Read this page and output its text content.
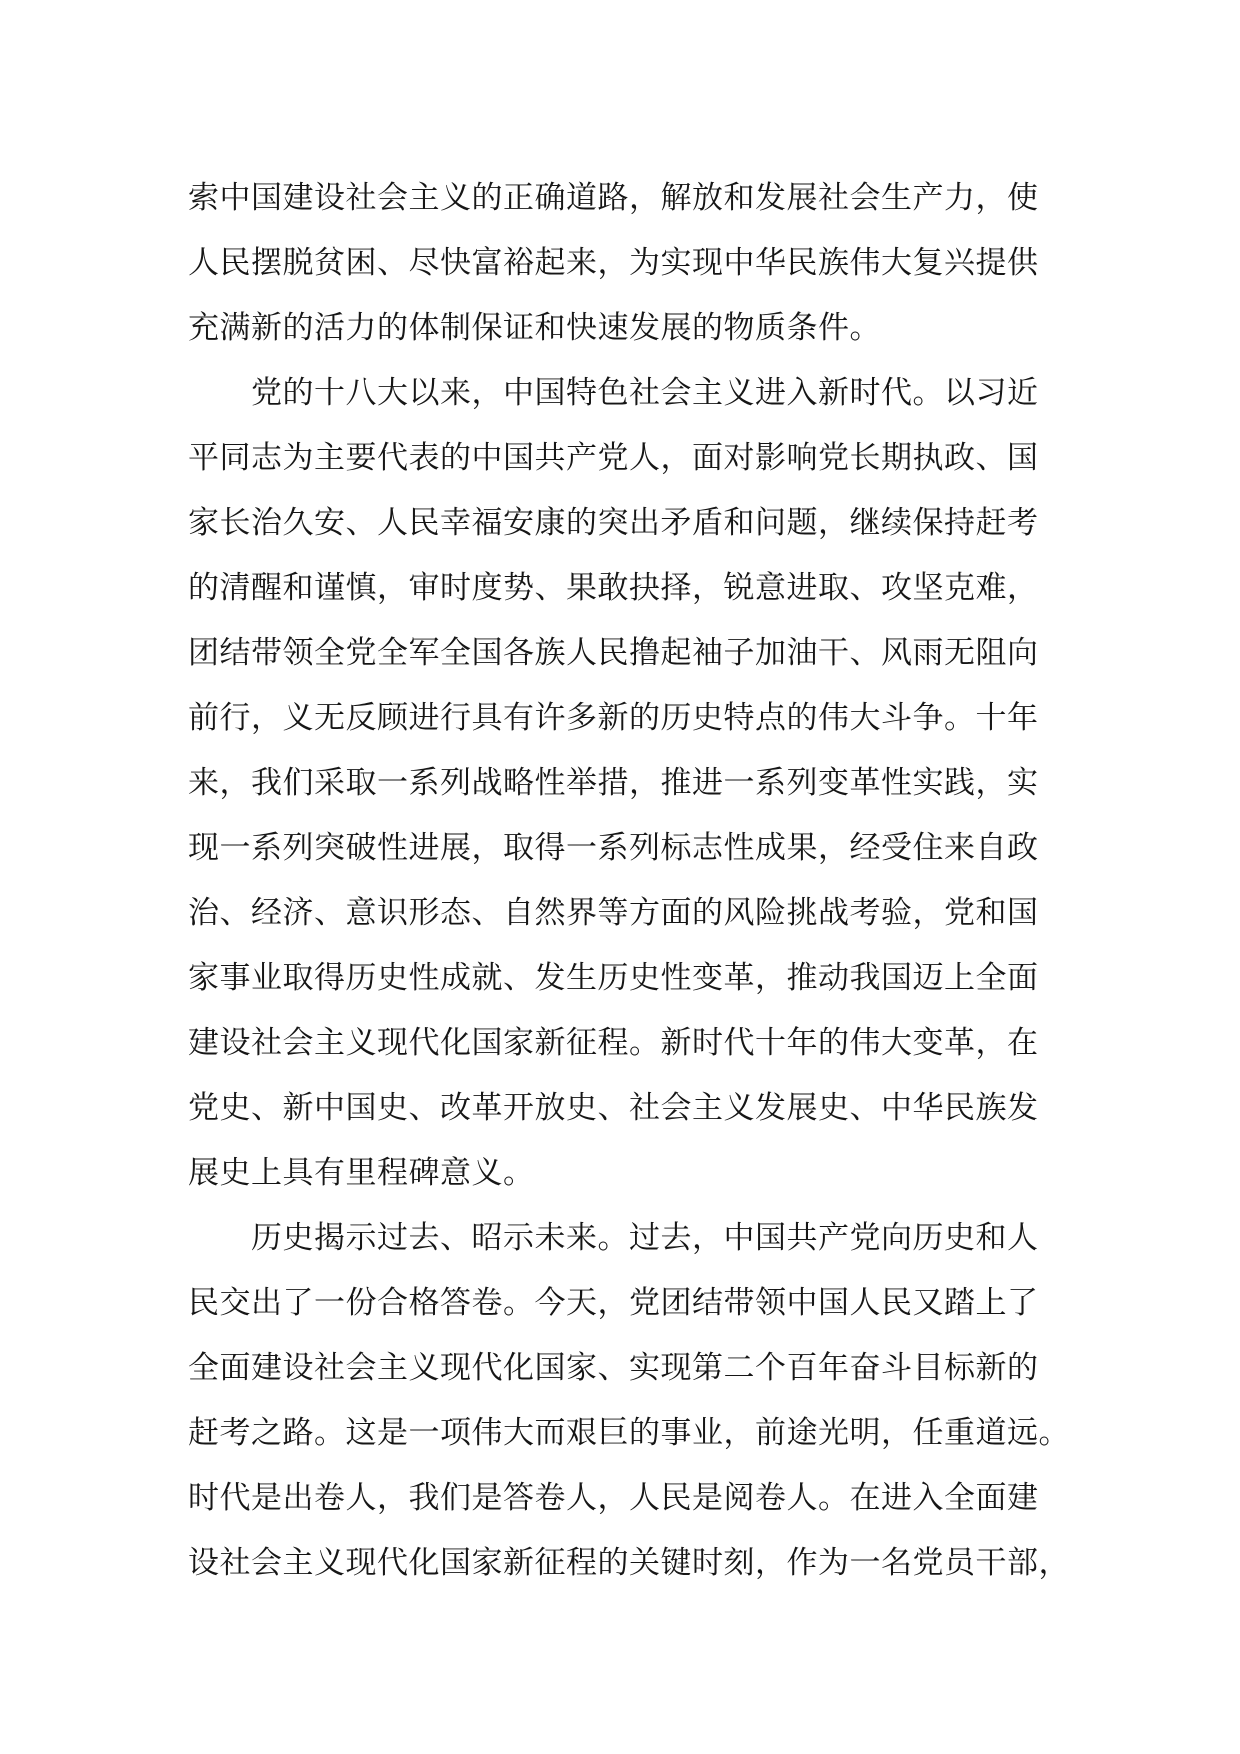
索中国建设社会主义的正确道路，解放和发展社会生产力，使
人民摆脱贫困、尽快富裕起来，为实现中华民族伟大复兴提供
充满新的活力的体制保证和快速发展的物质条件。
　　党的十八大以来，中国特色社会主义进入新时代。以习近
平同志为主要代表的中国共产党人，面对影响党长期执政、国
家长治久安、人民幸福安康的突出矛盾和问题，继续保持赶考
的清醒和谨慎，审时度势、果敢抉择，锐意进取、攻坚克难，
团结带领全党全军全国各族人民撸起袖子加油干、风雨无阻向
前行，义无反顾进行具有许多新的历史特点的伟大斗争。十年
来，我们采取一系列战略性举措，推进一系列变革性实践，实
现一系列突破性进展，取得一系列标志性成果，经受住来自政
治、经济、意识形态、自然界等方面的风险挑战考验，党和国
家事业取得历史性成就、发生历史性变革，推动我国迈上全面
建设社会主义现代化国家新征程。新时代十年的伟大变革，在
党史、新中国史、改革开放史、社会主义发展史、中华民族发
展史上具有里程碑意义。
　　历史揭示过去、昭示未来。过去，中国共产党向历史和人
民交出了一份合格答卷。今天，党团结带领中国人民又踏上了
全面建设社会主义现代化国家、实现第二个百年奋斗目标新的
赶考之路。这是一项伟大而艰巨的事业，前途光明，任重道远。
时代是出卷人，我们是答卷人，人民是阅卷人。在进入全面建
设社会主义现代化国家新征程的关键时刻，作为一名党员干部，
